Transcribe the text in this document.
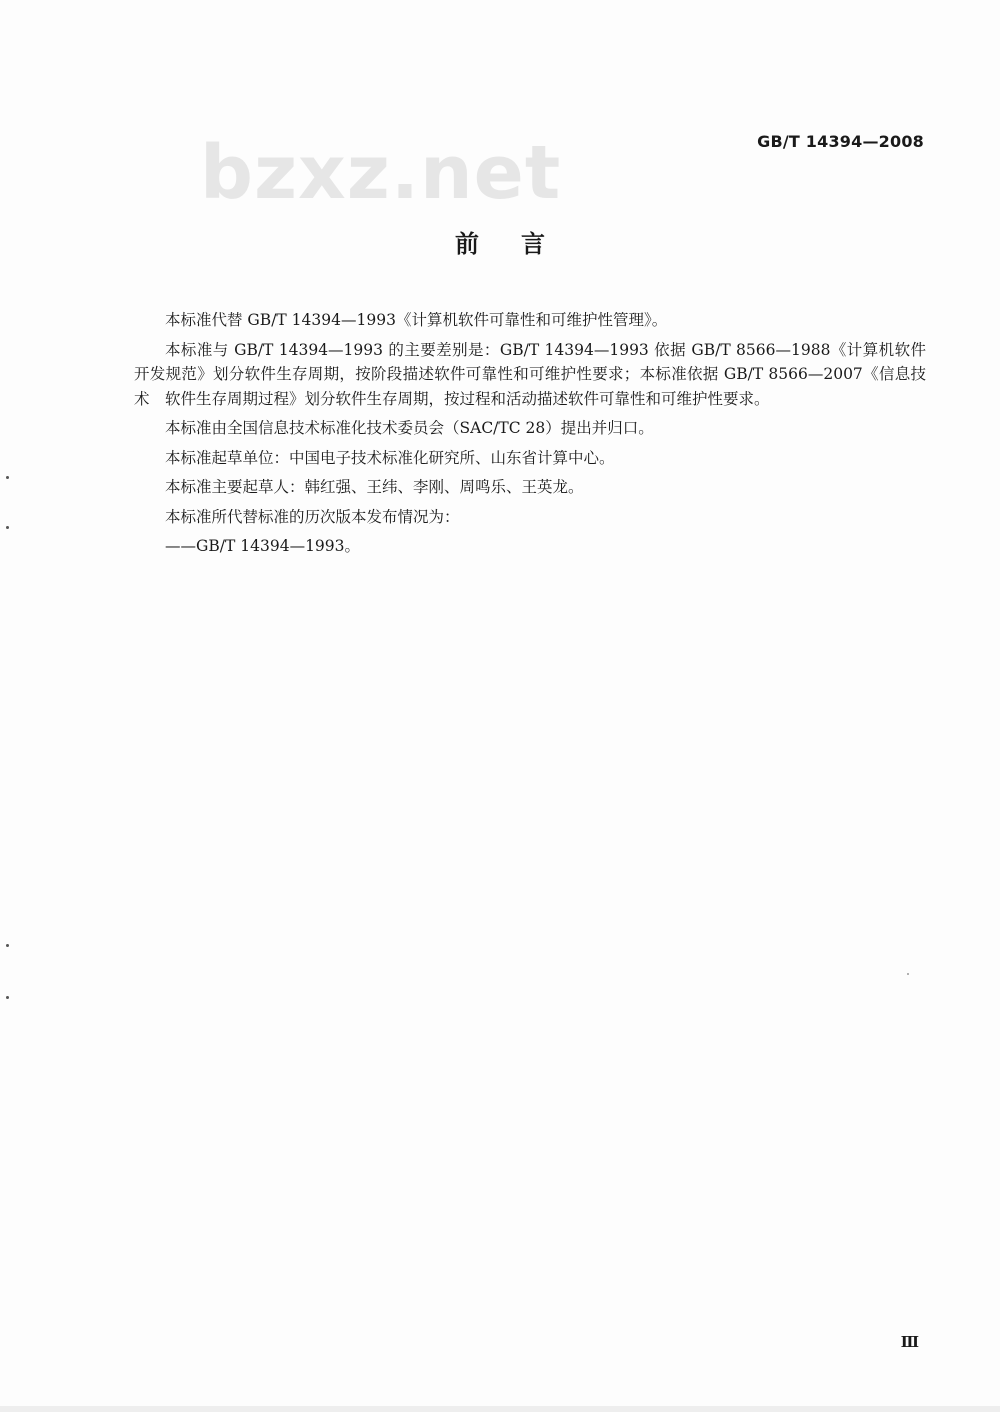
bzxz.net	GB/T 14394—2008
前言

本标准代替 GB/T 14394—1993《计算机软件可靠性和可维护性管理》。

本标准与 GB/T 14394—1993 的主要差别是：GB/T 14394—1993 依据 GB/T 8566—1988《计算机软件开发规范》划分软件生存周期，按阶段描述软件可靠性和可维护性要求；本标准依据 GB/T 8566—2007《信息技术　软件生存周期过程》划分软件生存周期，按过程和活动描述软件可靠性和可维护性要求。

本标准由全国信息技术标准化技术委员会（SAC/TC 28）提出并归口。

本标准起草单位：中国电子技术标准化研究所、山东省计算中心。

本标准主要起草人：韩红强、王纬、李刚、周鸣乐、王英龙。

本标准所代替标准的历次版本发布情况为：

——GB/T 14394—1993。

Ⅲ
